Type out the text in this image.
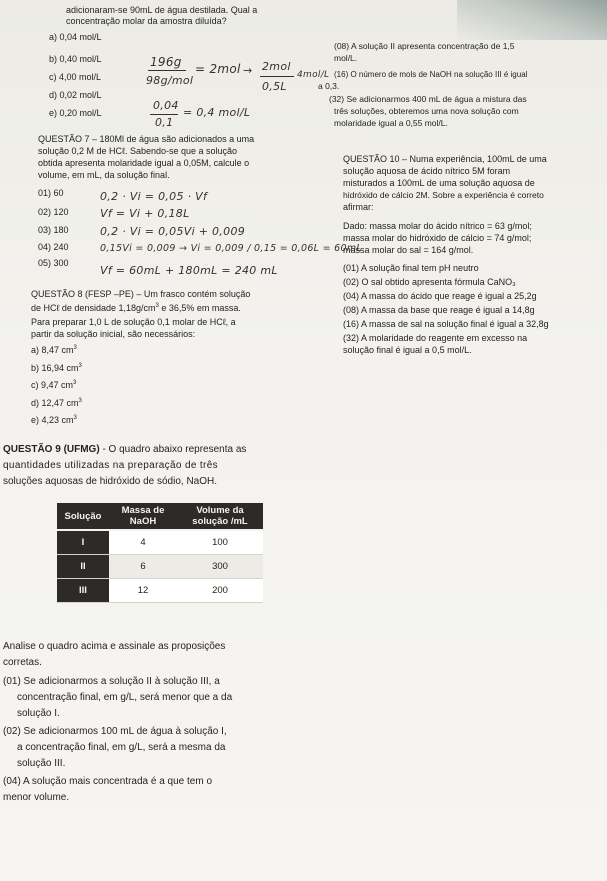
adicionaram-se 90mL de água destilada. Qual a
concentração molar da amostra diluída?
a) 0,04 mol/L
b) 0,40 mol/L
c) 4,00 mol/L
d) 0,02 mol/L
e) 0,20 mol/L
196g
98g/mol
= 2mol → 2mol
0,5L
4mol/L
0,04
0,1
= 0,4 mol/L
(08) A solução II apresenta concentração de 1,5
mol/L.
(16) O número de mols de NaOH na solução III é igual
a 0,3.
(32) Se adicionarmos 400 mL de água a mistura das
três soluções, obteremos uma nova solução com
molaridade igual a 0,55 mol/L.
QUESTÃO 7 – 180Ml de água são adicionados a uma
solução 0,2 M de HCℓ. Sabendo-se que a solução
obtida apresenta molaridade igual a 0,05M, calcule o
volume, em mL, da solução final.
01) 60
02) 120
03) 180
04) 240
05) 300
0,2 · Vi = 0,05 · Vf
Vf = Vi + 0,18L
0,2 · Vi = 0,05Vi + 0,009
0,15Vi = 0,009 → Vi = 0,009 / 0,15 = 0,06L = 60mL
Vf = 60mL + 180mL = 240 mL
QUESTÃO 10 – Numa experiência, 100mL de uma
solução aquosa de ácido nítrico 5M foram
misturados a 100mL de uma solução aquosa de
hidróxido de cálcio 2M. Sobre a experiência é correto
afirmar:
Dado: massa molar do ácido nítrico = 63 g/mol;
massa molar do hidróxido de cálcio = 74 g/mol;
massa molar do sal = 164 g/mol.
(01) A solução final tem pH neutro
(02) O sal obtido apresenta fórmula CaNO₃
(04) A massa do ácido que reage é igual a 25,2g
(08) A massa da base que reage é igual a 14,8g
(16) A massa de sal na solução final é igual a 32,8g
(32) A molaridade do reagente em excesso na
solução final é igual a 0,5 mol/L.
QUESTÃO 8 (FESP –PE) – Um frasco contém solução
de HCℓ de densidade $1,18g/cm^3$ e 36,5% em massa.
Para preparar 1,0 L de solução 0,1 molar de HCℓ, a
partir da solução inicial, são necessários:
a) 8,47 $cm^3$
b) 16,94 $cm^3$
c) 9,47 $cm^3$
d) 12,47 $cm^3$
e) 4,23 $cm^3$
QUESTÃO 9 (UFMG) - O quadro abaixo representa as
quantidades utilizadas na preparação de três
soluções aquosas de hidróxido de sódio, NaOH.
Solução	Massa de NaOH	Volume da solução /mL
I	4	100
II	6	300
III	12	200
Analise o quadro acima e assinale as proposições
corretas.
(01) Se adicionarmos a solução II à solução III, a
concentração final, em g/L, será menor que a da
solução I.
(02) Se adicionarmos 100 mL de água à solução I,
a concentração final, em g/L, será a mesma da
solução III.
(04) A solução mais concentrada é a que tem o
menor volume.
